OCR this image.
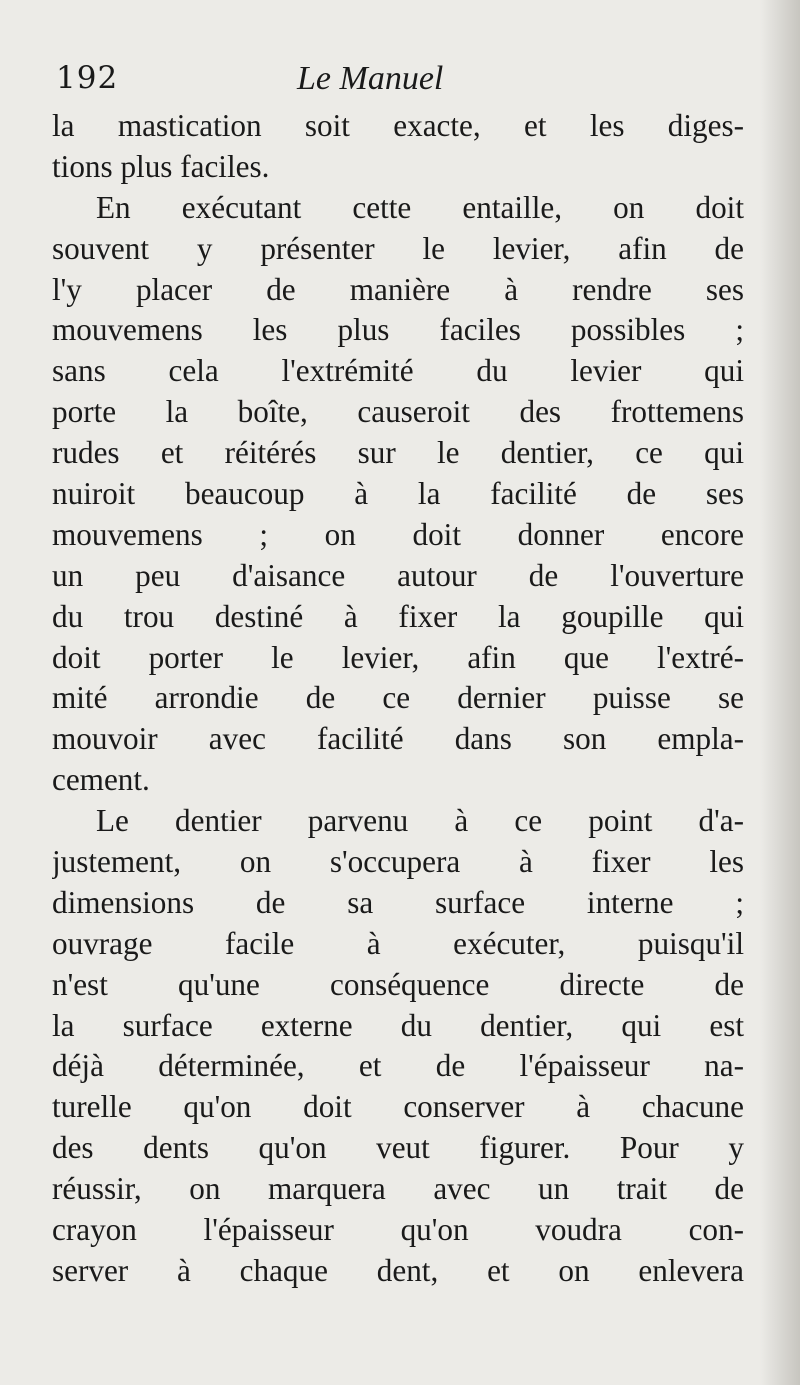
192	Le Manuel
la mastication soit exacte, et les diges-
tions plus faciles.
En exécutant cette entaille, on doit
souvent y présenter le levier, afin de
l'y placer de manière à rendre ses
mouvemens les plus faciles possibles ;
sans cela l'extrémité du levier qui
porte la boîte, causeroit des frottemens
rudes et réitérés sur le dentier, ce qui
nuiroit beaucoup à la facilité de ses
mouvemens ; on doit donner encore
un peu d'aisance autour de l'ouverture
du trou destiné à fixer la goupille qui
doit porter le levier, afin que l'extré-
mité arrondie de ce dernier puisse se
mouvoir avec facilité dans son empla-
cement.
Le dentier parvenu à ce point d'a-
justement, on s'occupera à fixer les
dimensions de sa surface interne ;
ouvrage facile à exécuter, puisqu'il
n'est qu'une conséquence directe de
la surface externe du dentier, qui est
déjà déterminée, et de l'épaisseur na-
turelle qu'on doit conserver à chacune
des dents qu'on veut figurer. Pour y
réussir, on marquera avec un trait de
crayon l'épaisseur qu'on voudra con-
server à chaque dent, et on enlevera
